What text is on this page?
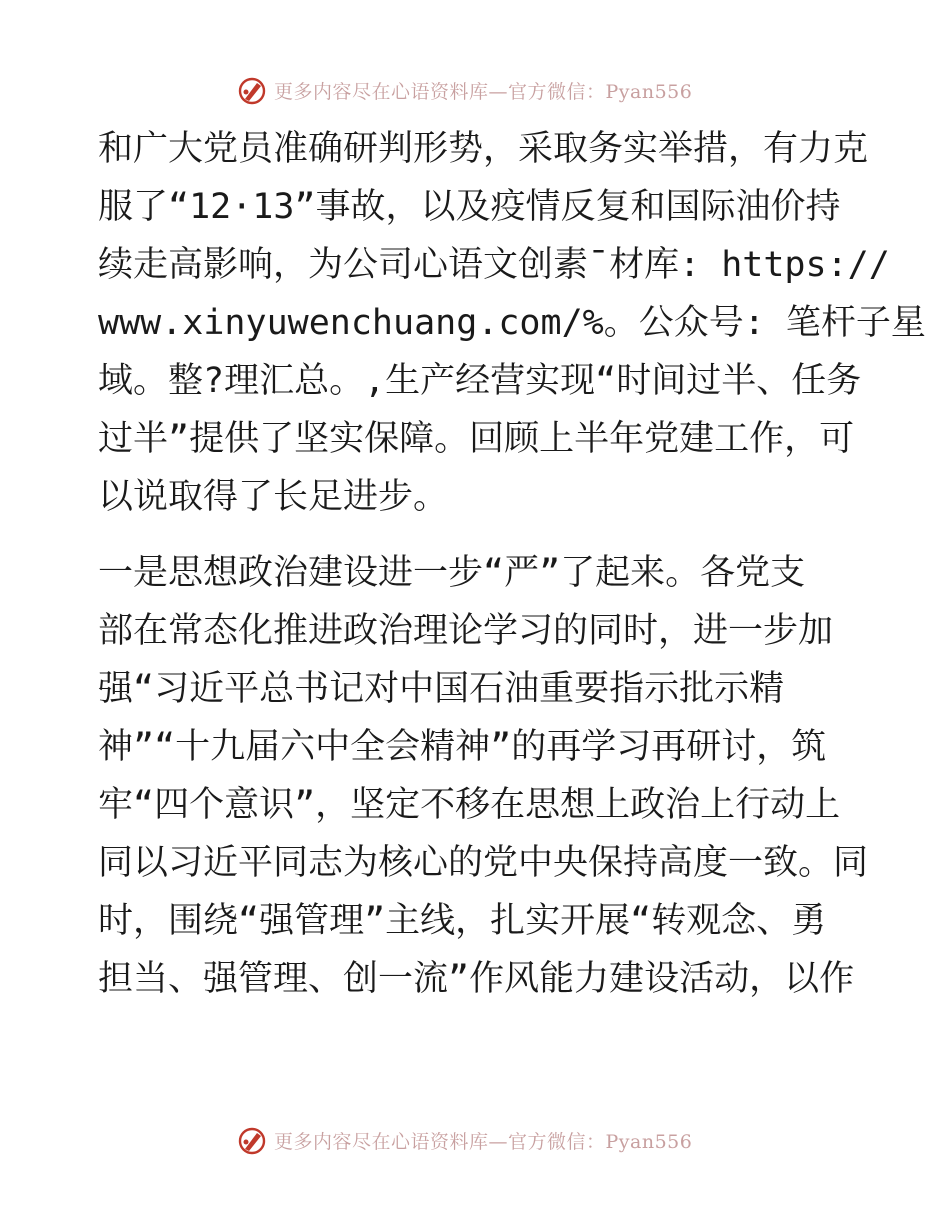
更多内容尽在心语资料库—官方微信：Pyan556
和广大党员准确研判形势，采取务实举措，有力克
服了“12·13”事故，以及疫情反复和国际油价持
续走高影响，为公司心语文创素¯材库: https://
www.xinyuwenchuang.com/%。公众号: 笔杆子星
域。整?理汇总。,生产经营实现“时间过半、任务
过半”提供了坚实保障。回顾上半年党建工作，可
以说取得了长足进步。
一是思想政治建设进一步“严”了起来。各党支
部在常态化推进政治理论学习的同时，进一步加
强“习近平总书记对中国石油重要指示批示精
神”“十九届六中全会精神”的再学习再研讨，筑
牢“四个意识”，坚定不移在思想上政治上行动上
同以习近平同志为核心的党中央保持高度一致。同
时，围绕“强管理”主线，扎实开展“转观念、勇
担当、强管理、创一流”作风能力建设活动，以作
更多内容尽在心语资料库—官方微信：Pyan556
